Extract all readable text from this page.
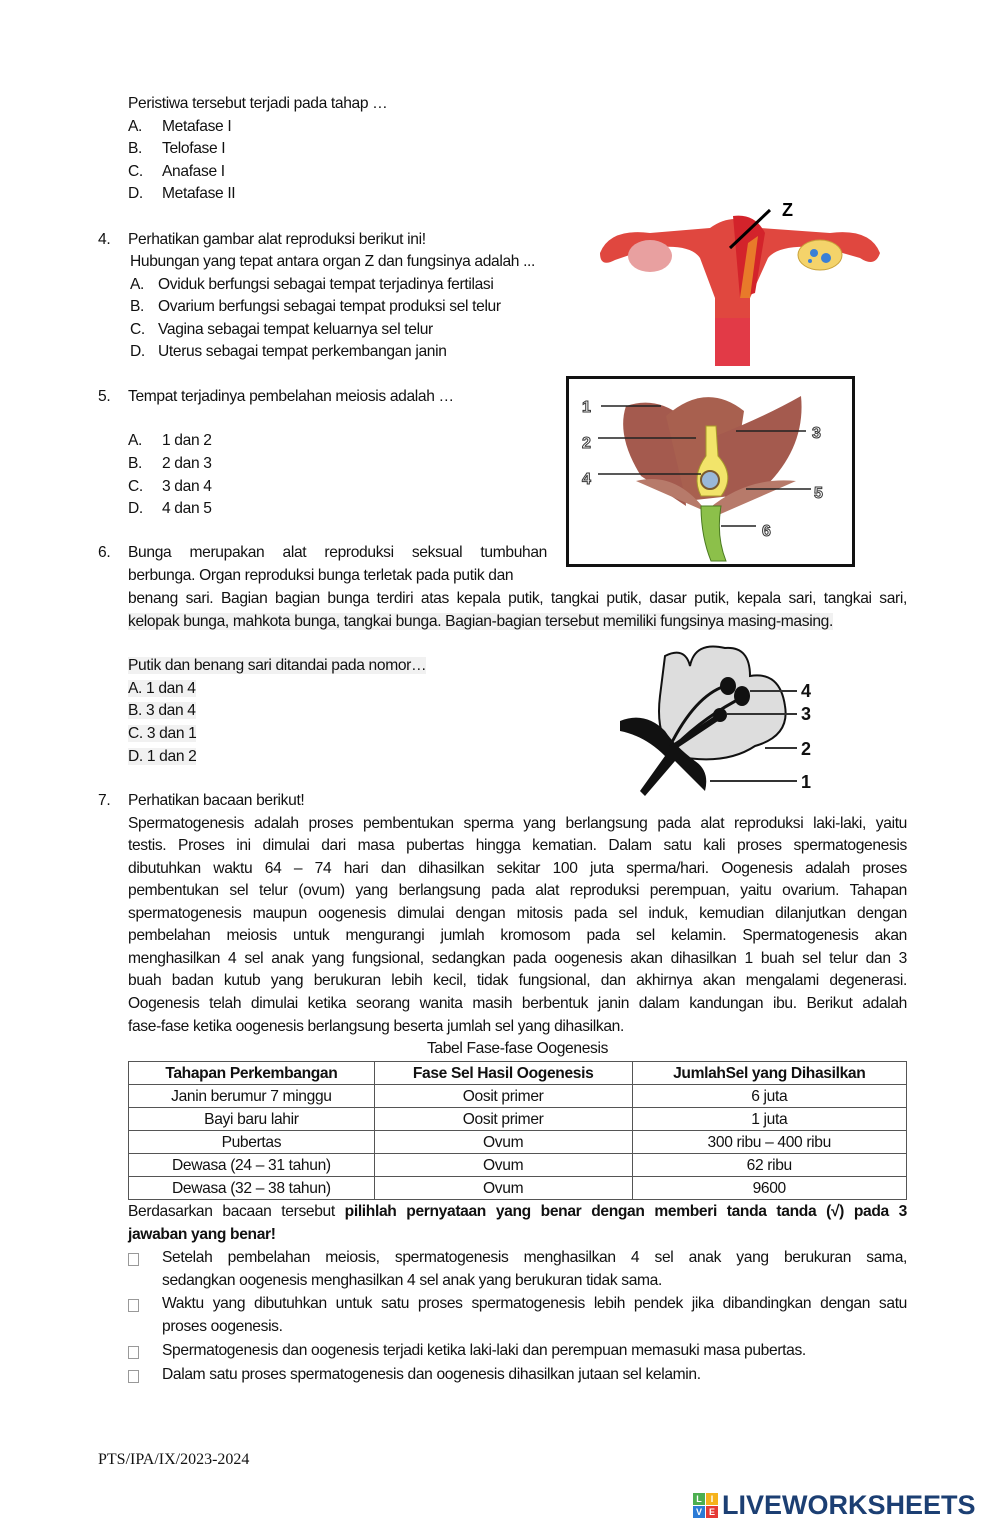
Peristiwa tersebut terjadi pada tahap …
A. Metafase I
B. Telofase I
C. Anafase I
D. Metafase II
4. Perhatikan gambar alat reproduksi berikut ini!
Hubungan yang tepat antara organ Z dan fungsinya adalah ...
A. Oviduk berfungsi sebagai tempat terjadinya fertilasi
B. Ovarium berfungsi sebagai tempat produksi sel telur
C. Vagina sebagai tempat keluarnya sel telur
D. Uterus sebagai tempat perkembangan janin
Z
5. Tempat terjadinya pembelahan meiosis adalah …
A. 1 dan 2
B. 2 dan 3
C. 3 dan 4
D. 4 dan 5
1
2
3
4
5
6
6. Bunga merupakan alat reproduksi seksual tumbuhan
berbunga. Organ reproduksi bunga terletak pada putik dan
benang sari. Bagian bagian bunga terdiri atas kepala putik, tangkai putik, dasar putik, kepala sari, tangkai sari,
kelopak bunga, mahkota bunga, tangkai bunga. Bagian-bagian tersebut memiliki fungsinya masing-masing.
Putik dan benang sari ditandai pada nomor…
A. 1 dan 4
B. 3 dan 4
C. 3 dan 1
D. 1 dan 2
4
3
2
1
7. Perhatikan bacaan berikut!
Spermatogenesis adalah proses pembentukan sperma yang berlangsung pada alat reproduksi laki-laki, yaitu
testis. Proses ini dimulai dari masa pubertas hingga kematian. Dalam satu kali proses spermatogenesis
dibutuhkan waktu 64 – 74 hari dan dihasilkan sekitar 100 juta sperma/hari. Oogenesis adalah proses
pembentukan sel telur (ovum) yang berlangsung pada alat reproduksi perempuan, yaitu ovarium. Tahapan
spermatogenesis maupun oogenesis dimulai dengan mitosis pada sel induk, kemudian dilanjutkan dengan
pembelahan meiosis untuk mengurangi jumlah kromosom pada sel kelamin. Spermatogenesis akan
menghasilkan 4 sel anak yang fungsional, sedangkan pada oogenesis akan dihasilkan 1 buah sel telur dan 3
buah badan kutub yang berukuran lebih kecil, tidak fungsional, dan akhirnya akan mengalami degenerasi.
Oogenesis telah dimulai ketika seorang wanita masih berbentuk janin dalam kandungan ibu. Berikut adalah
fase-fase ketika oogenesis berlangsung beserta jumlah sel yang dihasilkan.
Tabel Fase-fase Oogenesis
Tahapan Perkembangan	Fase Sel Hasil Oogenesis	JumlahSel yang Dihasilkan
Janin berumur 7 minggu	Oosit primer	6 juta
Bayi baru lahir	Oosit primer	1 juta
Pubertas	Ovum	300 ribu – 400 ribu
Dewasa (24 – 31 tahun)	Ovum	62 ribu
Dewasa (32 – 38 tahun)	Ovum	9600
Berdasarkan bacaan tersebut pilihlah pernyataan yang benar dengan memberi tanda tanda (√) pada 3
jawaban yang benar!
Setelah pembelahan meiosis, spermatogenesis menghasilkan 4 sel anak yang berukuran sama,
sedangkan oogenesis menghasilkan 4 sel anak yang berukuran tidak sama.
Waktu yang dibutuhkan untuk satu proses spermatogenesis lebih pendek jika dibandingkan dengan satu
proses oogenesis.
Spermatogenesis dan oogenesis terjadi ketika laki-laki dan perempuan memasuki masa pubertas.
Dalam satu proses spermatogenesis dan oogenesis dihasilkan jutaan sel kelamin.
PTS/IPA/IX/2023-2024
L I
V E LIVEWORKSHEETS
